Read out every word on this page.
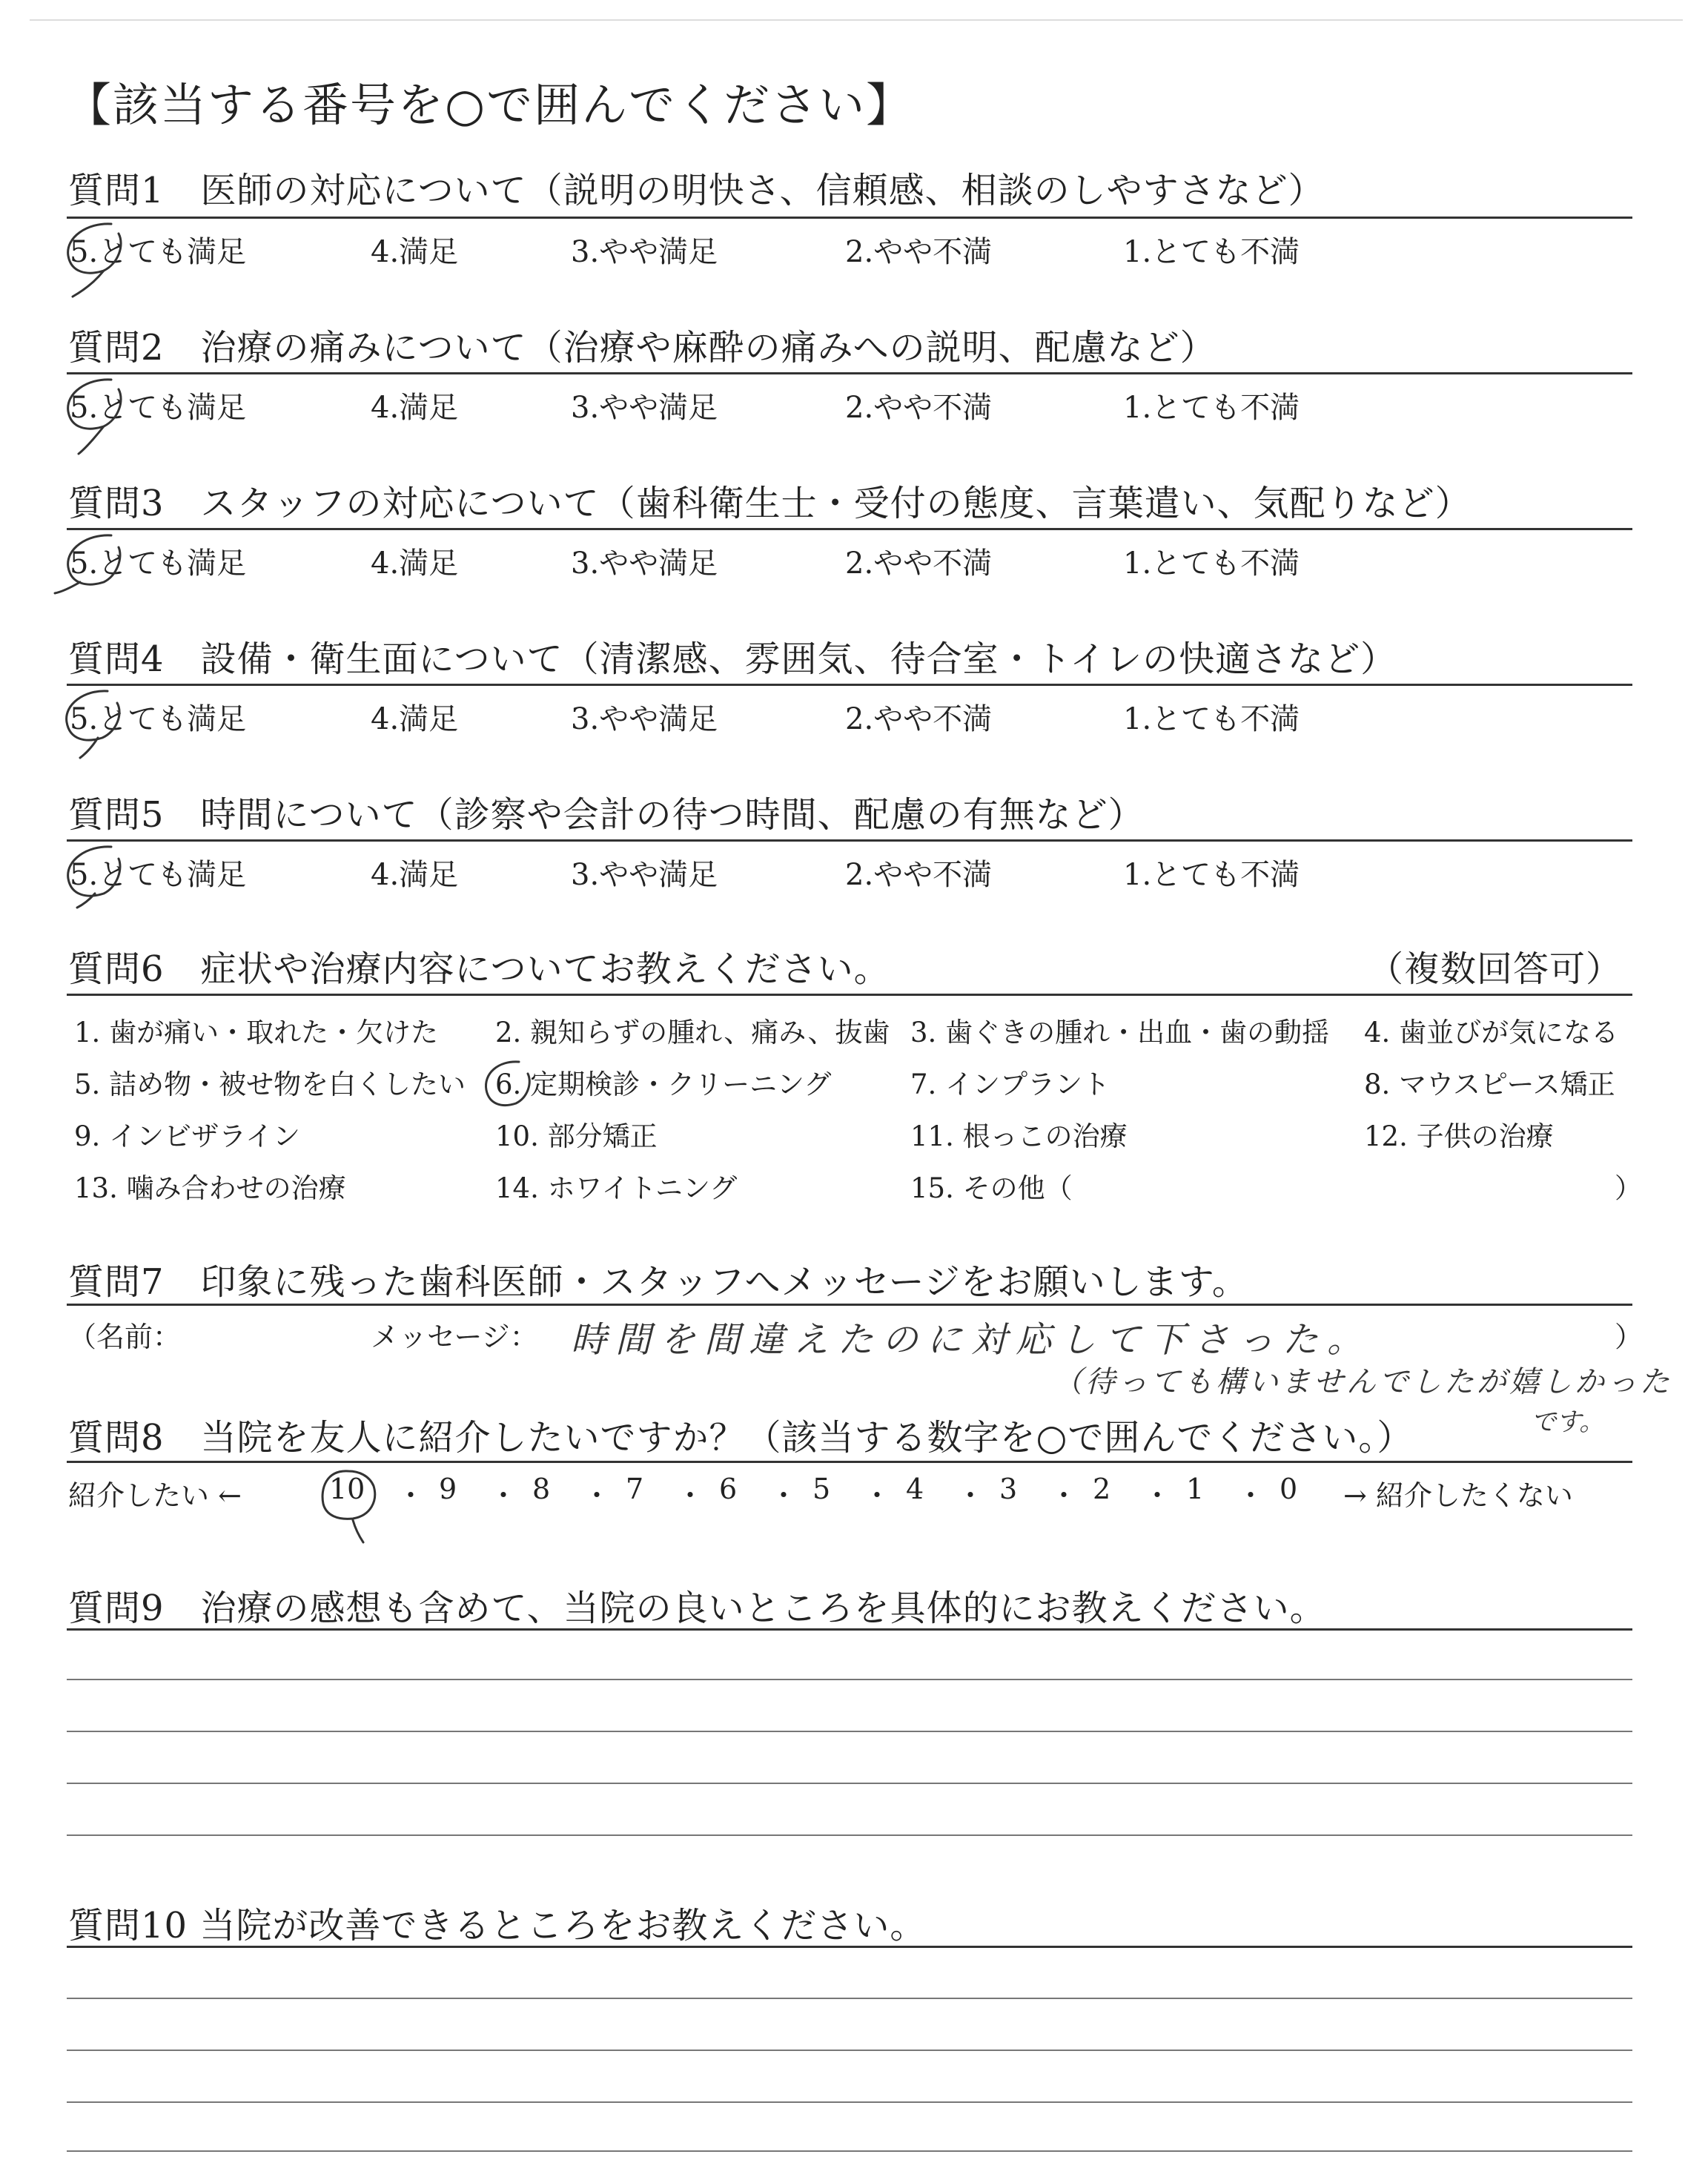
【該当する番号を○で囲んでください】
質問1　医師の対応について（説明の明快さ、信頼感、相談のしやすさなど）
5.とても満足	4.満足	3.やや満足	2.やや不満	1.とても不満
質問2　治療の痛みについて（治療や麻酔の痛みへの説明、配慮など）
5.とても満足	4.満足	3.やや満足	2.やや不満	1.とても不満
質問3　スタッフの対応について（歯科衛生士・受付の態度、言葉遣い、気配りなど）
5.とても満足	4.満足	3.やや満足	2.やや不満	1.とても不満
質問4　設備・衛生面について（清潔感、雰囲気、待合室・トイレの快適さなど）
5.とても満足	4.満足	3.やや満足	2.やや不満	1.とても不満
質問5　時間について（診察や会計の待つ時間、配慮の有無など）
5.とても満足	4.満足	3.やや満足	2.やや不満	1.とても不満
質問6　症状や治療内容についてお教えください。	（複数回答可）
1. 歯が痛い・取れた・欠けた 2. 親知らずの腫れ、痛み、抜歯 3. 歯ぐきの腫れ・出血・歯の動揺 4. 歯並びが気になる
5. 詰め物・被せ物を白くしたい 6. 定期検診・クリーニング	7. インプラント	8. マウスピース矯正
9. インビザライン	10. 部分矯正	11. 根っこの治療	12. 子供の治療
13. 噛み合わせの治療	14. ホワイトニング	15. その他（	）
質問7　印象に残った歯科医師・スタッフへメッセージをお願いします。
（名前：	メッセージ： 時間を間違えたのに対応して下さった。
（待っても構いませんでしたが嬉しかった
です。
）
質問8　当院を友人に紹介したいですか？（該当する数字を○で囲んでください。）
紹介したい ←	→ 紹介したくない
10 ・ 9 ・ 8 ・ 7 ・ 6 ・ 5 ・ 4 ・ 3 ・ 2 ・ 1 ・ 0
質問9　治療の感想も含めて、当院の良いところを具体的にお教えください。
質問10 当院が改善できるところをお教えください。
